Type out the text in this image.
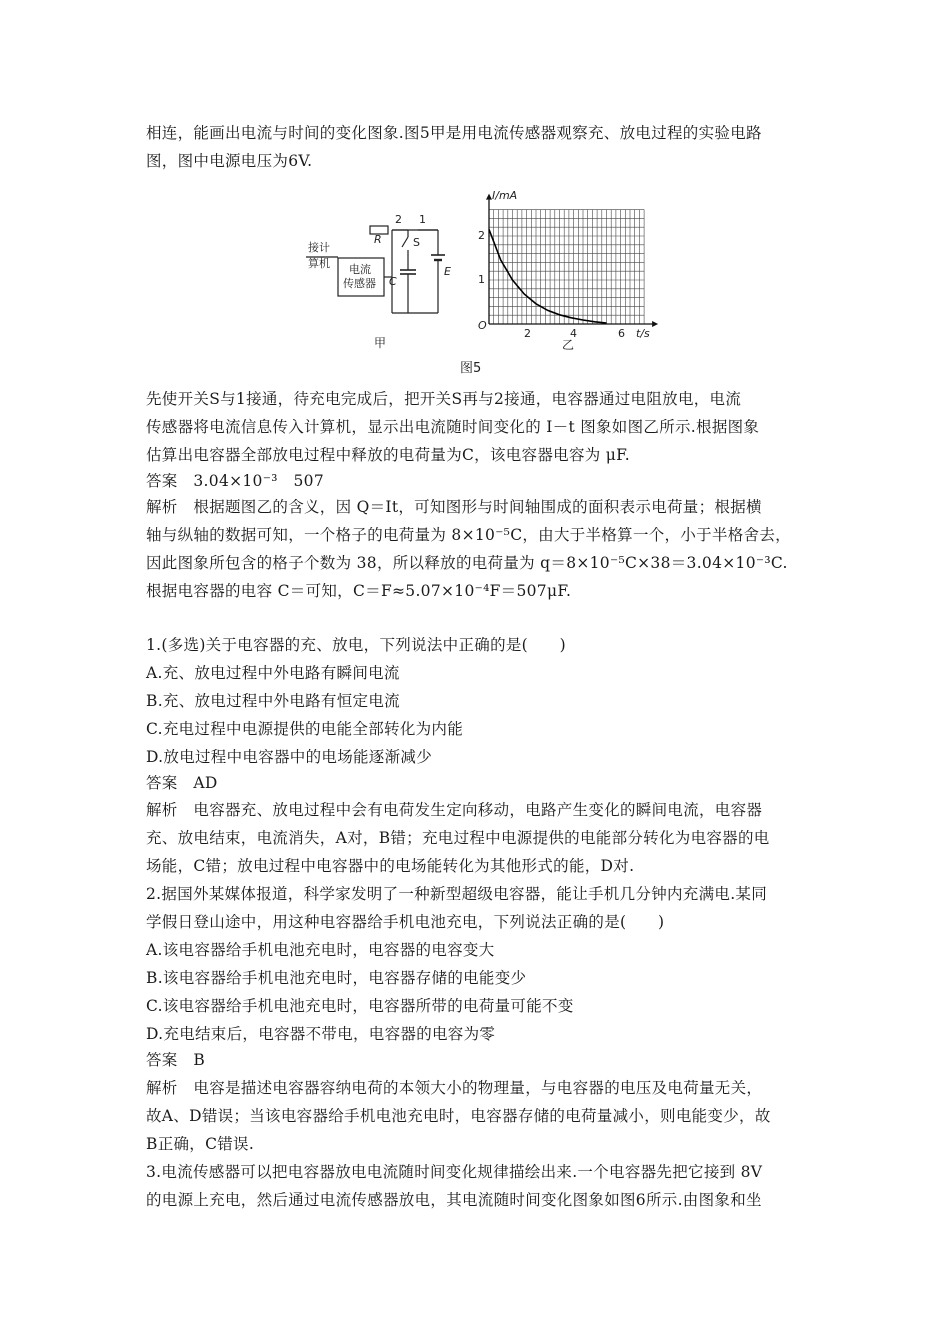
相连，能画出电流与时间的变化图象.图5甲是用电流传感器观察充、放电过程的实验电路
图，图中电源电压为6V.
接计
算机 电流
传感器
R
2 1
S
C
E
甲
I/mA
t/s
O
2	4	6
1
2
乙
图5
先使开关S与1接通，待充电完成后，把开关S再与2接通，电容器通过电阻放电，电流
传感器将电流信息传入计算机，显示出电流随时间变化的 I－t 图象如图乙所示.根据图象
估算出电容器全部放电过程中释放的电荷量为C，该电容器电容为 μF.
答案　3.04×10⁻³　507
解析　根据题图乙的含义，因 Q＝It，可知图形与时间轴围成的面积表示电荷量；根据横
轴与纵轴的数据可知，一个格子的电荷量为 8×10⁻⁵C，由大于半格算一个，小于半格舍去，
因此图象所包含的格子个数为 38，所以释放的电荷量为 q＝8×10⁻⁵C×38＝3.04×10⁻³C.
根据电容器的电容 C＝可知，C＝F≈5.07×10⁻⁴F＝507μF.
1.(多选)关于电容器的充、放电，下列说法中正确的是(　　)
A.充、放电过程中外电路有瞬间电流
B.充、放电过程中外电路有恒定电流
C.充电过程中电源提供的电能全部转化为内能
D.放电过程中电容器中的电场能逐渐减少
答案　AD
解析　电容器充、放电过程中会有电荷发生定向移动，电路产生变化的瞬间电流，电容器
充、放电结束，电流消失，A对，B错；充电过程中电源提供的电能部分转化为电容器的电
场能，C错；放电过程中电容器中的电场能转化为其他形式的能，D对.
2.据国外某媒体报道，科学家发明了一种新型超级电容器，能让手机几分钟内充满电.某同
学假日登山途中，用这种电容器给手机电池充电，下列说法正确的是(　　)
A.该电容器给手机电池充电时，电容器的电容变大
B.该电容器给手机电池充电时，电容器存储的电能变少
C.该电容器给手机电池充电时，电容器所带的电荷量可能不变
D.充电结束后，电容器不带电，电容器的电容为零
答案　B
解析　电容是描述电容器容纳电荷的本领大小的物理量，与电容器的电压及电荷量无关，
故A、D错误；当该电容器给手机电池充电时，电容器存储的电荷量减小，则电能变少，故
B正确，C错误.
3.电流传感器可以把电容器放电电流随时间变化规律描绘出来.一个电容器先把它接到 8V
的电源上充电，然后通过电流传感器放电，其电流随时间变化图象如图6所示.由图象和坐
